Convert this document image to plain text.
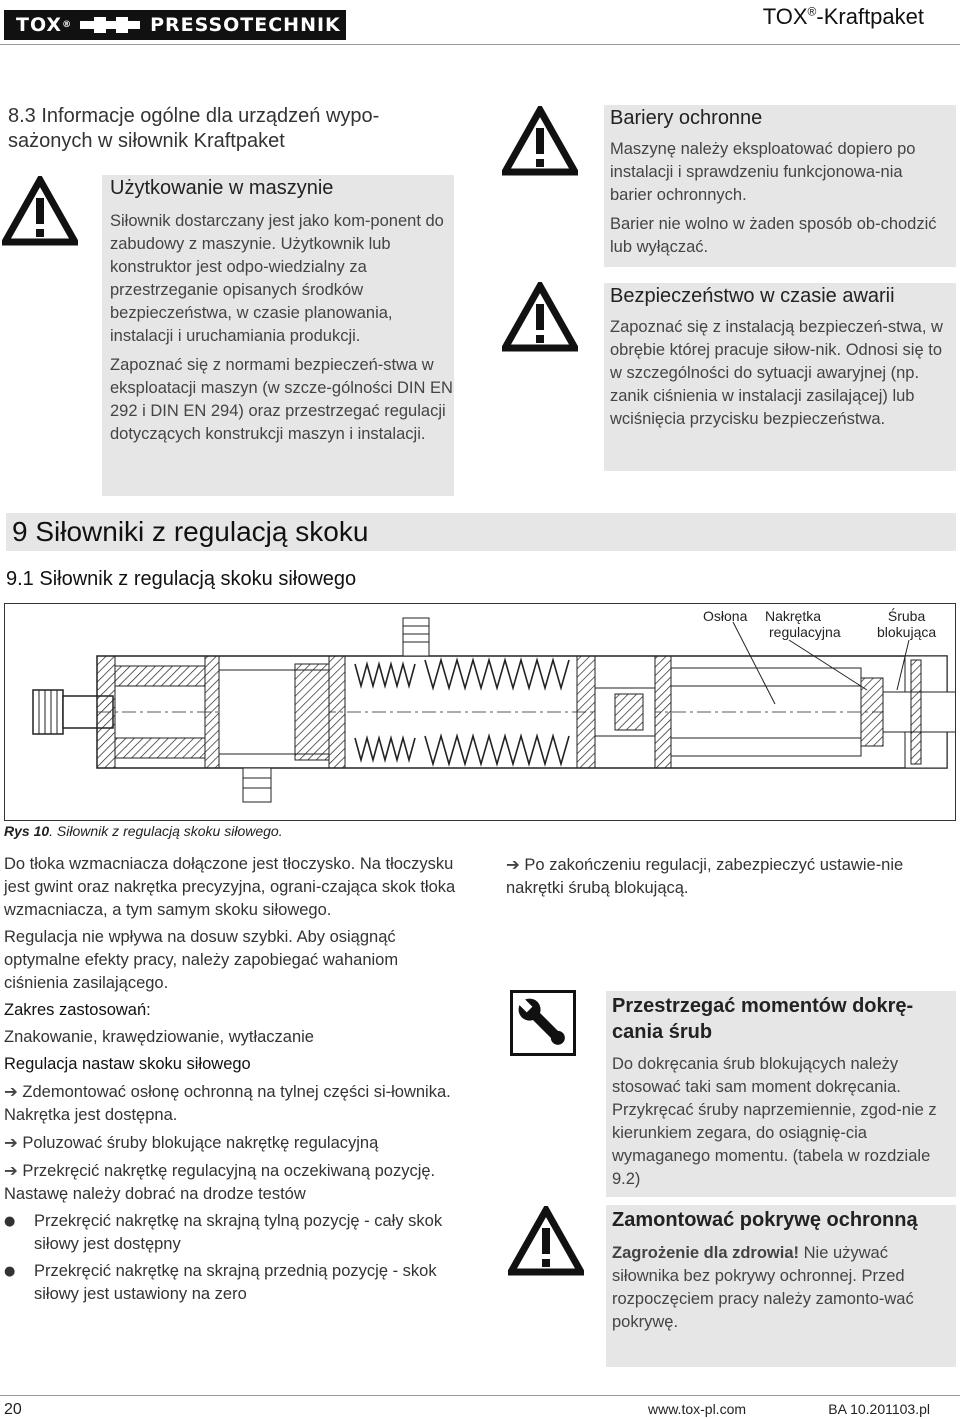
TOX ®	PRESSOTECHNIK	TOX®-Kraftpaket
8.3 Informacje ogólne dla urządzeń wypo-
sażonych w siłownik Kraftpaket
Użytkowanie w maszynie

Siłownik dostarczany jest jako kom-ponent do zabudowy z maszynie. Użytkownik lub konstruktor jest odpo-wiedzialny za przestrzeganie opisanych środków bezpieczeństwa, w czasie planowania, instalacji i uruchamiania produkcji.

Zapoznać się z normami bezpieczeń-stwa w eksploatacji maszyn (w szcze-gólności DIN EN 292 i DIN EN 294) oraz przestrzegać regulacji dotyczących konstrukcji maszyn i instalacji.

Bariery ochronne

Maszynę należy eksploatować dopiero po instalacji i sprawdzeniu funkcjonowa-nia barier ochronnych.

Barier nie wolno w żaden sposób ob-chodzić lub wyłączać.

Bezpieczeństwo w czasie awarii

Zapoznać się z instalacją bezpieczeń-stwa, w obrębie której pracuje siłow-nik. Odnosi się to w szczególności do sytuacji awaryjnej (np. zanik ciśnienia w instalacji zasilającej) lub wciśnięcia przycisku bezpieczeństwa.

9 Siłowniki z regulacją skoku
9.1 Siłownik z regulacją skoku siłowego
Osłona Nakrętka
regulacyjna
Śruba
blokująca
Rys 10. Siłownik z regulacją skoku siłowego.

Do tłoka wzmacniacza dołączone jest tłoczysko. Na tłoczysku jest gwint oraz nakrętka precyzyjna, ograni-czająca skok tłoka wzmacniacza, a tym samym skoku siłowego.

Regulacja nie wpływa na dosuw szybki. Aby osiągnąć optymalne efekty pracy, należy zapobiegać wahaniom ciśnienia zasilającego.

Zakres zastosowań:

Znakowanie, krawędziowanie, wytłaczanie

Regulacja nastaw skoku siłowego

➔ Zdemontować osłonę ochronną na tylnej części si-łownika. Nakrętka jest dostępna.

➔ Poluzować śruby blokujące nakrętkę regulacyjną

➔ Przekręcić nakrętkę regulacyjną na oczekiwaną pozycję. Nastawę należy dobrać na drodze testów

● Przekręcić nakrętkę na skrajną tylną pozycję - cały skok siłowy jest dostępny
● Przekręcić nakrętkę na skrajną przednią pozycję - skok siłowy jest ustawiony na zero

➔ Po zakończeniu regulacji, zabezpieczyć ustawie-nie nakrętki śrubą blokującą.

Przestrzegać momentów dokrę-cania śrub

Do dokręcania śrub blokujących należy stosować taki sam moment dokręcania. Przykręcać śruby naprzemiennie, zgod-nie z kierunkiem zegara, do osiągnię-cia wymaganego momentu. (tabela w rozdziale 9.2)

Zamontować pokrywę ochronną

Zagrożenie dla zdrowia! Nie używać siłownika bez pokrywy ochronnej. Przed rozpoczęciem pracy należy zamonto-wać pokrywę.

20	www.tox-pl.com	BA 10.201103.pl
